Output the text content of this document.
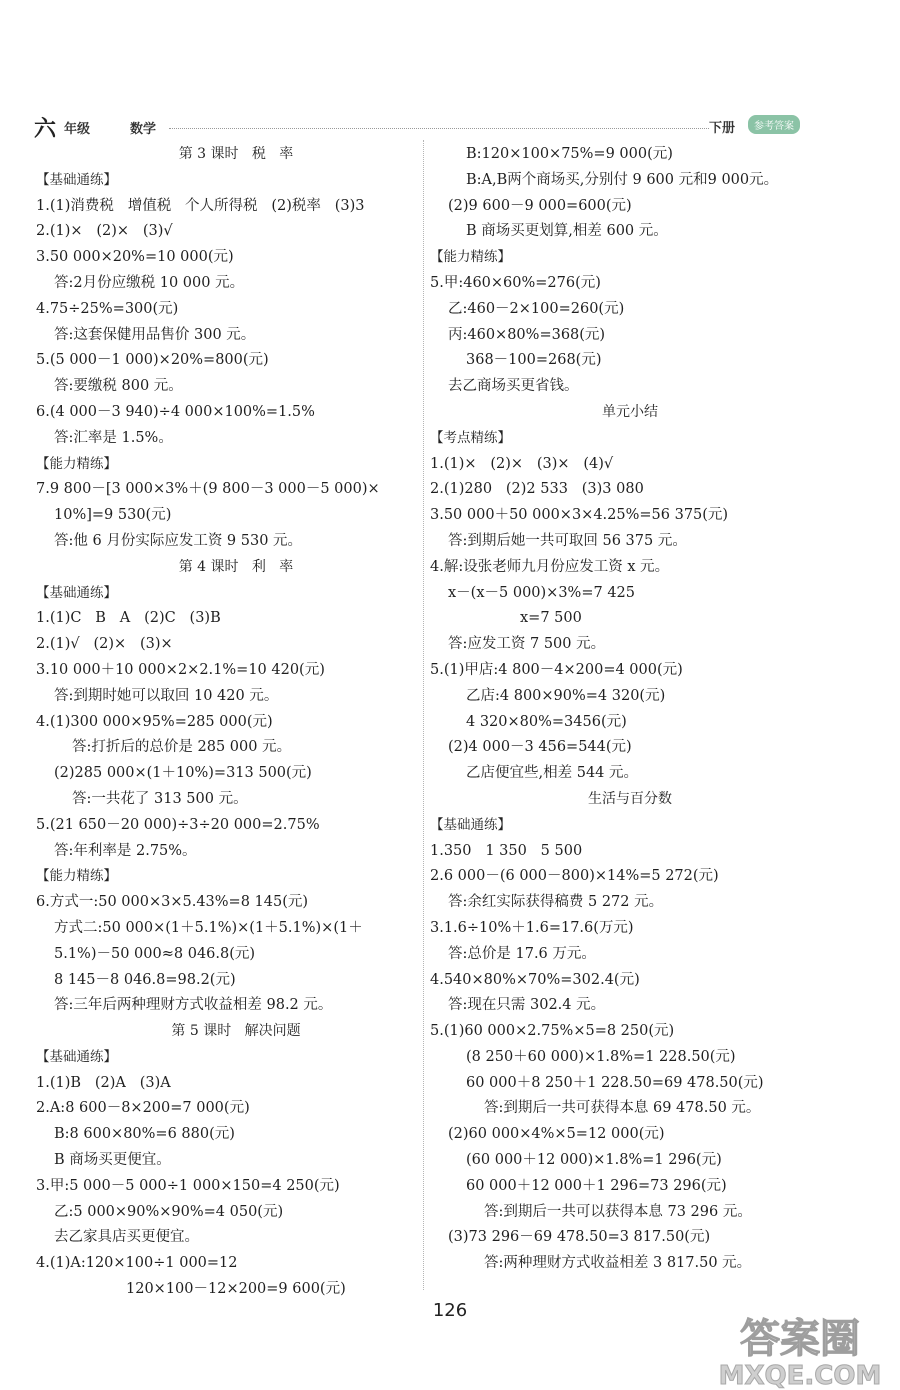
六 年级	数学	下册	参考答案
第 3 课时   税   率
【基础通练】
1.(1)消费税   增值税   个人所得税   (2)税率   (3)3
2.(1)×   (2)×   (3)√
3.50 000×20%=10 000(元)
答:2月份应缴税 10 000 元。
4.75÷25%=300(元)
答:这套保健用品售价 300 元。
5.(5 000－1 000)×20%=800(元)
答:要缴税 800 元。
6.(4 000－3 940)÷4 000×100%=1.5%
答:汇率是 1.5%。
【能力精练】
7.9 800－[3 000×3%＋(9 800－3 000－5 000)×
10%]=9 530(元)
答:他 6 月份实际应发工资 9 530 元。
第 4 课时   利   率
【基础通练】
1.(1)C   B   A   (2)C   (3)B
2.(1)√   (2)×   (3)×
3.10 000＋10 000×2×2.1%=10 420(元)
答:到期时她可以取回 10 420 元。
4.(1)300 000×95%=285 000(元)
答:打折后的总价是 285 000 元。
(2)285 000×(1＋10%)=313 500(元)
答:一共花了 313 500 元。
5.(21 650－20 000)÷3÷20 000=2.75%
答:年利率是 2.75%。
【能力精练】
6.方式一:50 000×3×5.43%=8 145(元)
方式二:50 000×(1＋5.1%)×(1＋5.1%)×(1＋
5.1%)－50 000≈8 046.8(元)
8 145－8 046.8=98.2(元)
答:三年后两种理财方式收益相差 98.2 元。
第 5 课时   解决问题
【基础通练】
1.(1)B   (2)A   (3)A
2.A:8 600－8×200=7 000(元)
B:8 600×80%=6 880(元)
B 商场买更便宜。
3.甲:5 000－5 000÷1 000×150=4 250(元)
乙:5 000×90%×90%=4 050(元)
去乙家具店买更便宜。
4.(1)A:120×100÷1 000=12
120×100－12×200=9 600(元)
B:120×100×75%=9 000(元)
B:A,B两个商场买,分别付 9 600 元和9 000元。
(2)9 600－9 000=600(元)
B 商场买更划算,相差 600 元。
【能力精练】
5.甲:460×60%=276(元)
乙:460－2×100=260(元)
丙:460×80%=368(元)
368－100=268(元)
去乙商场买更省钱。
单元小结
【考点精练】
1.(1)×   (2)×   (3)×   (4)√
2.(1)280   (2)2 533   (3)3 080
3.50 000＋50 000×3×4.25%=56 375(元)
答:到期后她一共可取回 56 375 元。
4.解:设张老师九月份应发工资 x 元。
x－(x－5 000)×3%=7 425
x=7 500
答:应发工资 7 500 元。
5.(1)甲店:4 800－4×200=4 000(元)
乙店:4 800×90%=4 320(元)
4 320×80%=3456(元)
(2)4 000－3 456=544(元)
乙店便宜些,相差 544 元。
生活与百分数
【基础通练】
1.350   1 350   5 500
2.6 000－(6 000－800)×14%=5 272(元)
答:余红实际获得稿费 5 272 元。
3.1.6÷10%＋1.6=17.6(万元)
答:总价是 17.6 万元。
4.540×80%×70%=302.4(元)
答:现在只需 302.4 元。
5.(1)60 000×2.75%×5=8 250(元)
(8 250＋60 000)×1.8%=1 228.50(元)
60 000＋8 250＋1 228.50=69 478.50(元)
答:到期后一共可获得本息 69 478.50 元。
(2)60 000×4%×5=12 000(元)
(60 000＋12 000)×1.8%=1 296(元)
60 000＋12 000＋1 296=73 296(元)
答:到期后一共可以获得本息 73 296 元。
(3)73 296－69 478.50=3 817.50(元)
答:两种理财方式收益相差 3 817.50 元。
126
答案圈
MXQE.COM
